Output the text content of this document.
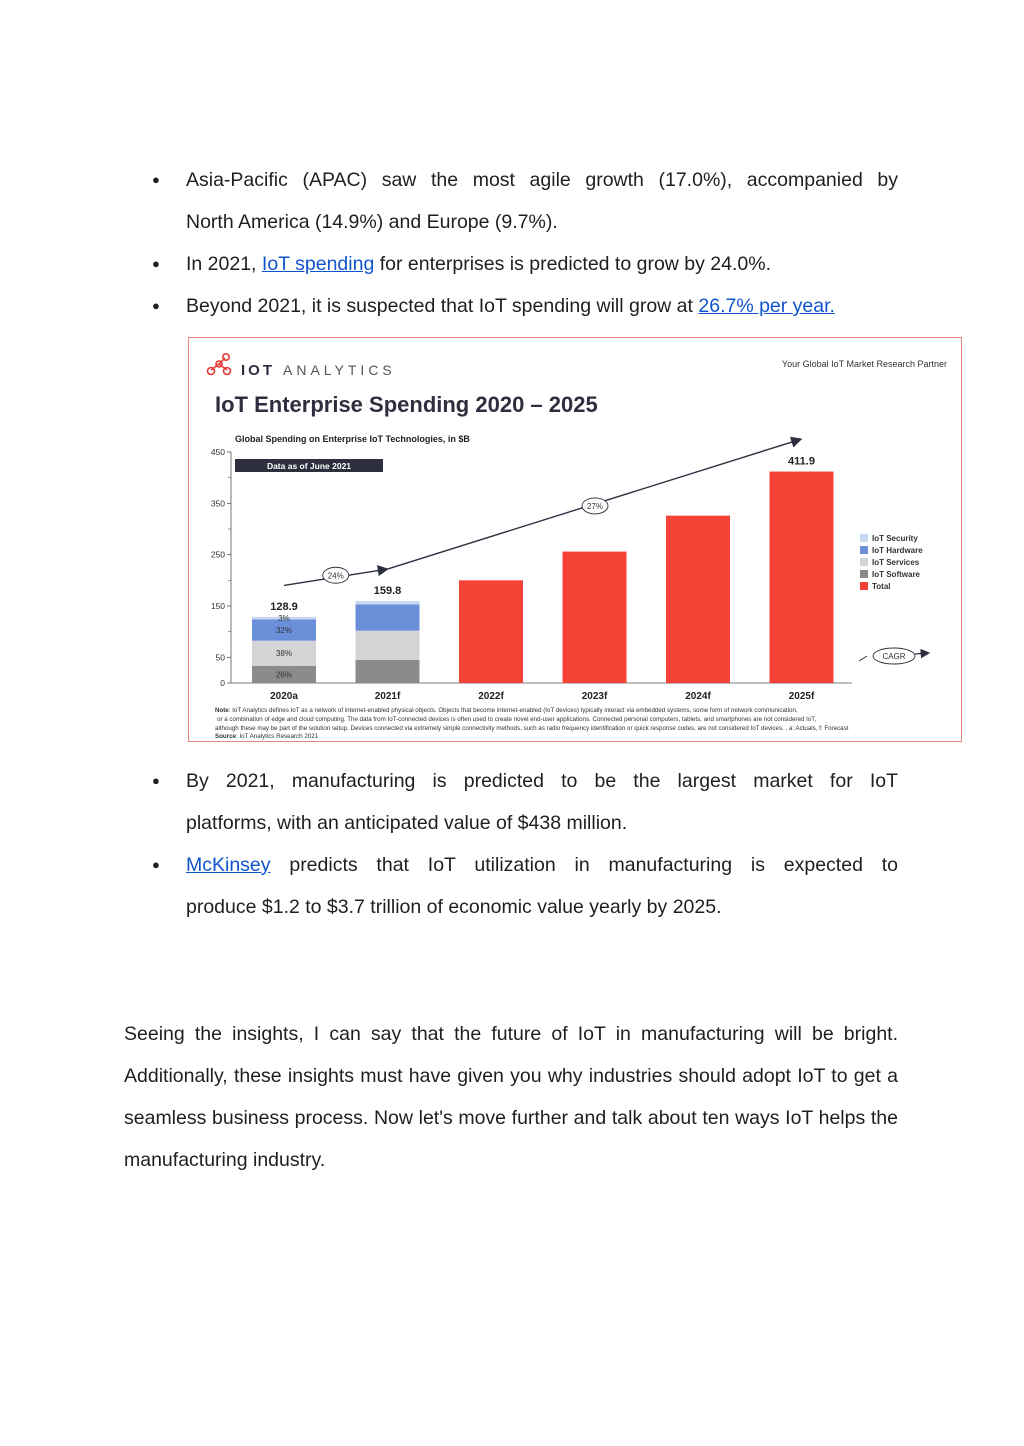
● Asia-Pacific (APAC) saw the most agile growth (17.0%), accompanied by
North America (14.9%) and Europe (9.7%).
● In 2021, IoT spending for enterprises is predicted to grow by 24.0%.
● Beyond 2021, it is suspected that IoT spending will grow at 26.7% per year.
IOT ANALYTICS	Your Global IoT Market Research Partner
IoT Enterprise Spending 2020 – 2025
Global Spending on Enterprise IoT Technologies, in $B
Data as of June 2021
0
50
150
250
350
450
26%
38%
32%
3%
128.9
2020a
159.8
2021f	2022f	2023f	2024f
411.9
2025f
24%
27%
IoT Security
IoT Hardware
IoT Services
IoT Software
Total
CAGR
Note: IoT Analytics defines IoT as a network of internet-enabled physical objects. Objects that become internet-enabled (IoT devices) typically interact via embedded systems, some form of network communication,
or a combination of edge and cloud computing. The data from IoT-connected devices is often used to create novel end-user applications. Connected personal computers, tablets, and smartphones are not considered IoT,
although these may be part of the solution setup. Devices connected via extremely simple connectivity methods, such as radio frequency identification or quick response codes, are not considered IoT devices. . a: Actuals, f: Forecast
Source: IoT Analytics Research 2021
● By 2021, manufacturing is predicted to be the largest market for IoT
platforms, with an anticipated value of $438 million.
● McKinsey predicts that IoT utilization in manufacturing is expected to
produce $1.2 to $3.7 trillion of economic value yearly by 2025.

Seeing the insights, I can say that the future of IoT in manufacturing will be bright. Additionally, these insights must have given you why industries should adopt IoT to get a seamless business process. Now let's move further and talk about ten ways IoT helps the manufacturing industry.
